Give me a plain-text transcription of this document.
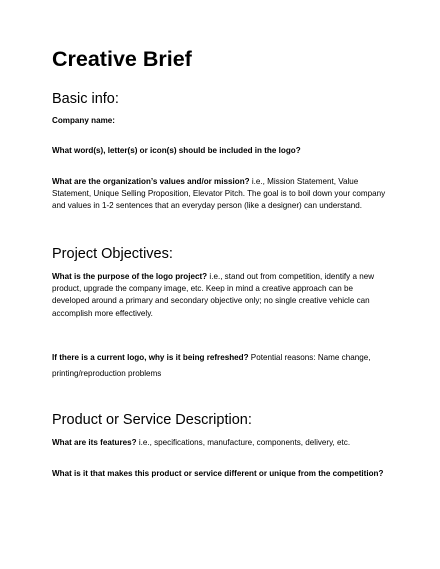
Creative Brief
Basic info:
Company name:
What word(s), letter(s) or icon(s) should be included in the logo?
What are the organization’s values and/or mission? i.e., Mission Statement, Value Statement, Unique Selling Proposition, Elevator Pitch. The goal is to boil down your company and values in 1-2 sentences that an everyday person (like a designer) can understand.
Project Objectives:
What is the purpose of the logo project? i.e., stand out from competition, identify a new product, upgrade the company image, etc. Keep in mind a creative approach can be developed around a primary and secondary objective only; no single creative vehicle can accomplish more effectively.
If there is a current logo, why is it being refreshed? Potential reasons: Name change, printing/reproduction problems
Product or Service Description:
What are its features? i.e., specifications, manufacture, components, delivery, etc.
What is it that makes this product or service different or unique from the competition?
